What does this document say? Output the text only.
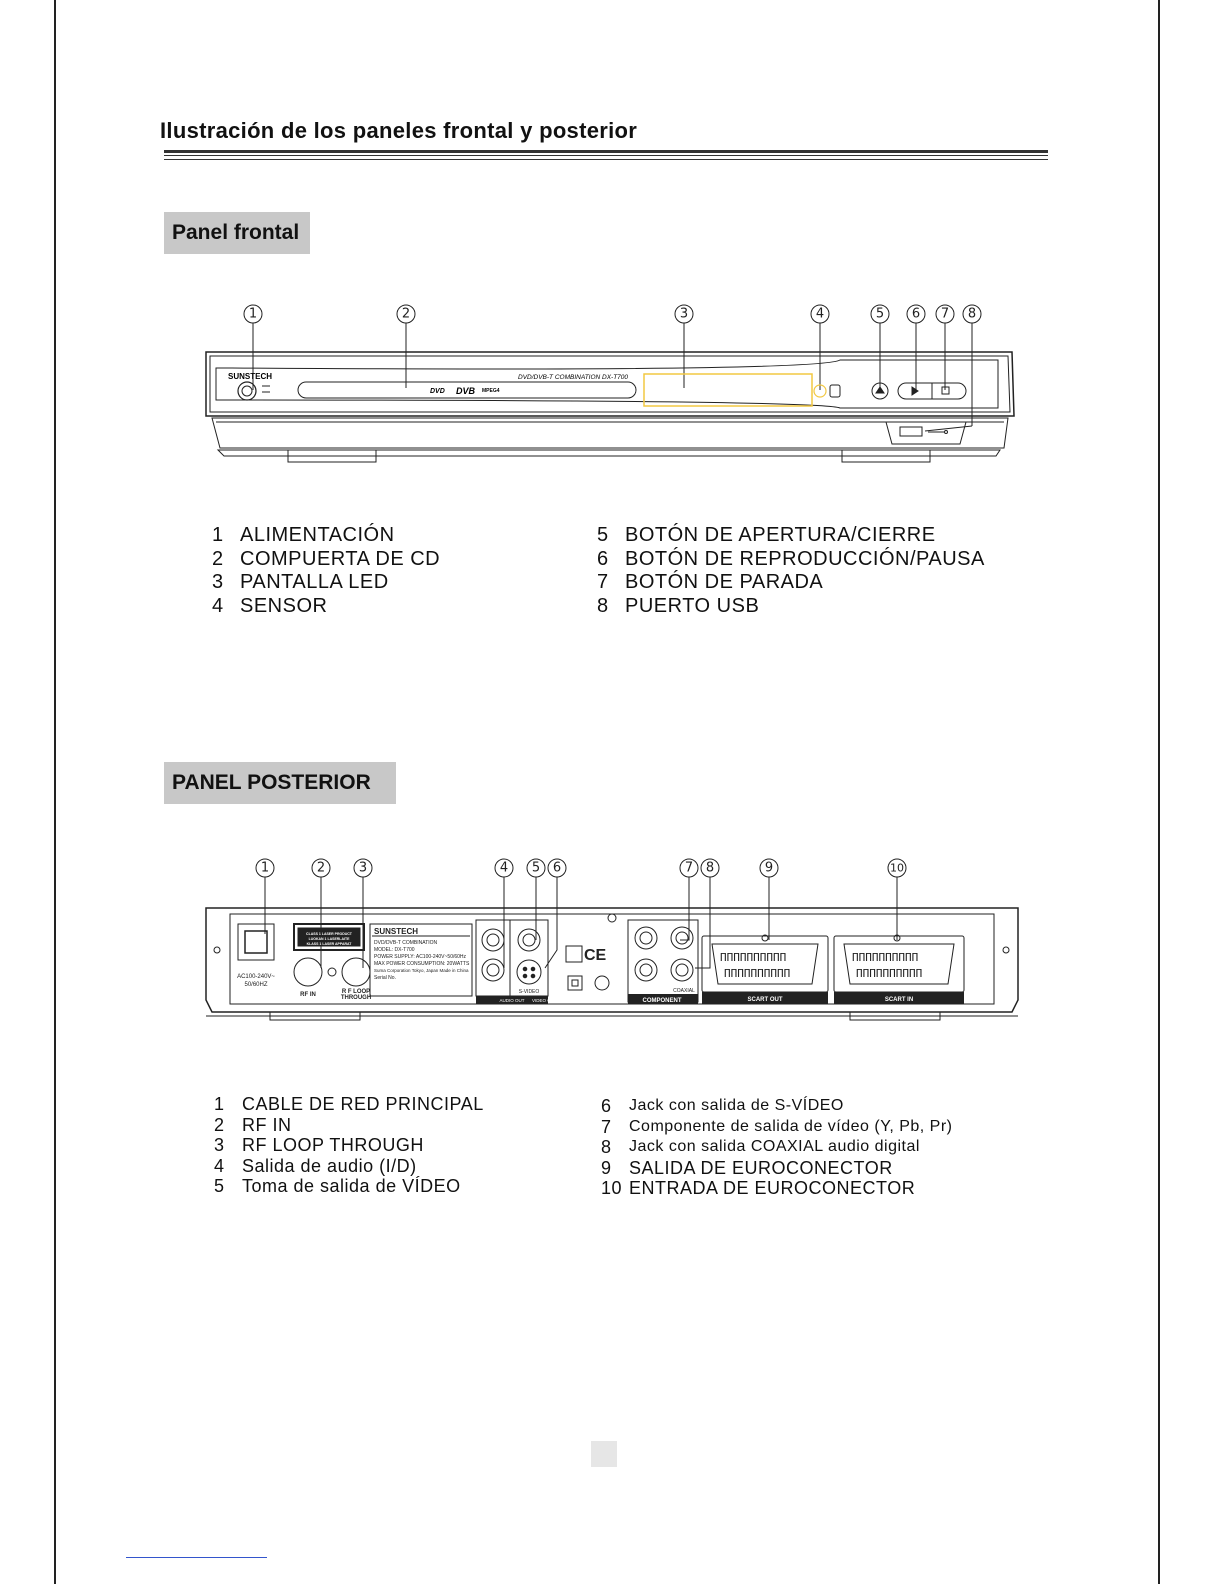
Ilustración de los paneles frontal y posterior
Panel frontal
1	2	3	4	5 6 7 8
SUNSTECH	DVD/DVB-T COMBINATION DX-T700
DVD DVB MPEG4
1 ALIMENTACIÓN
2 COMPUERTA DE CD
3 PANTALLA LED
4 SENSOR
5 BOTÓN DE APERTURA/CIERRE
6 BOTÓN DE REPRODUCCIÓN/PAUSA
7 BOTÓN DE PARADA
8 PUERTO USB
PANEL POSTERIOR
ΠΠΠΠΠΠΠΠΠΠ
ΠΠΠΠΠΠΠΠΠΠ
ΠΠΠΠΠΠΠΠΠΠ
ΠΠΠΠΠΠΠΠΠΠ
1	2	3	4 5 6	7 8	9	10
AC100-240V~
50/60HZ
RF IN	R F LOOP
THROUGH
SUNSTECH
DVD/DVB-T COMBINATION
MODEL: DX-T700
POWER SUPPLY: AC100-240V~50/60Hz
MAX POWER CONSUMPTION: 20WATTS
Suma Corporation Tokyo, Japan Made in China
Serial No.
CE
COMPONENT
COAXIAL
SCART OUT	SCART IN
AUDIO OUT VIDEO OUT
S-VIDEO
CLASS 1 LASER PRODUCT
LUOKAN 1 LASERLAITE
KLASS 1 LASER APPARAT
1 CABLE DE RED PRINCIPAL
2 RF IN
3 RF LOOP THROUGH
4 Salida de audio (I/D)
5 Toma de salida de VÍDEO
6	Jack con salida de S-VÍDEO
7	Componente de salida de vídeo (Y, Pb, Pr)
8	Jack con salida COAXIAL audio digital
9 SALIDA DE EUROCONECTOR
10 ENTRADA DE EUROCONECTOR
